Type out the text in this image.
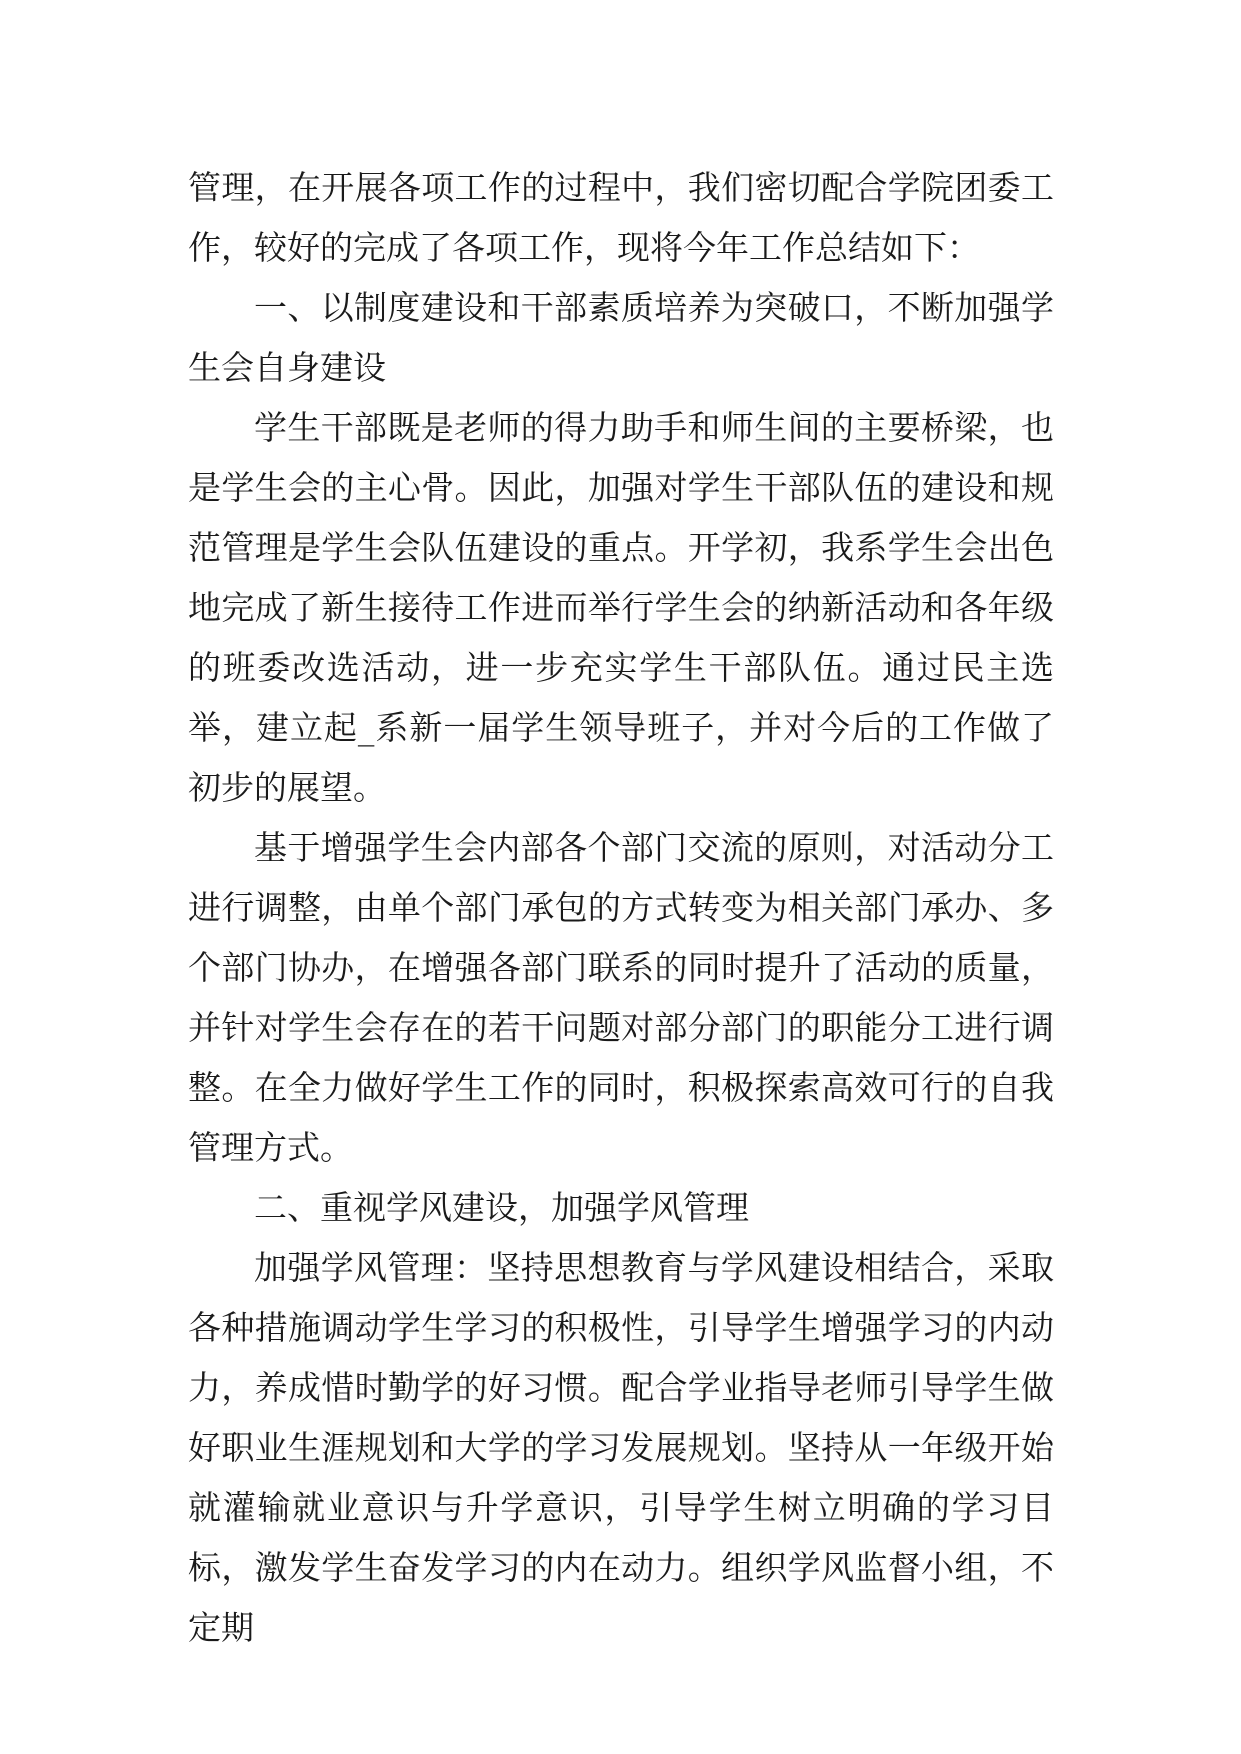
管理，在开展各项工作的过程中，我们密切配合学院团委工作，较好的完成了各项工作，现将今年工作总结如下：

一、以制度建设和干部素质培养为突破口，不断加强学生会自身建设

学生干部既是老师的得力助手和师生间的主要桥梁，也是学生会的主心骨。因此，加强对学生干部队伍的建设和规范管理是学生会队伍建设的重点。开学初，我系学生会出色地完成了新生接待工作进而举行学生会的纳新活动和各年级的班委改选活动，进一步充实学生干部队伍。通过民主选举，建立起_系新一届学生领导班子，并对今后的工作做了初步的展望。

基于增强学生会内部各个部门交流的原则，对活动分工进行调整，由单个部门承包的方式转变为相关部门承办、多个部门协办，在增强各部门联系的同时提升了活动的质量，并针对学生会存在的若干问题对部分部门的职能分工进行调整。在全力做好学生工作的同时，积极探索高效可行的自我管理方式。

二、重视学风建设，加强学风管理

加强学风管理：坚持思想教育与学风建设相结合，采取各种措施调动学生学习的积极性，引导学生增强学习的内动力，养成惜时勤学的好习惯。配合学业指导老师引导学生做好职业生涯规划和大学的学习发展规划。坚持从一年级开始就灌输就业意识与升学意识，引导学生树立明确的学习目标，激发学生奋发学习的内在动力。组织学风监督小组，不定期
